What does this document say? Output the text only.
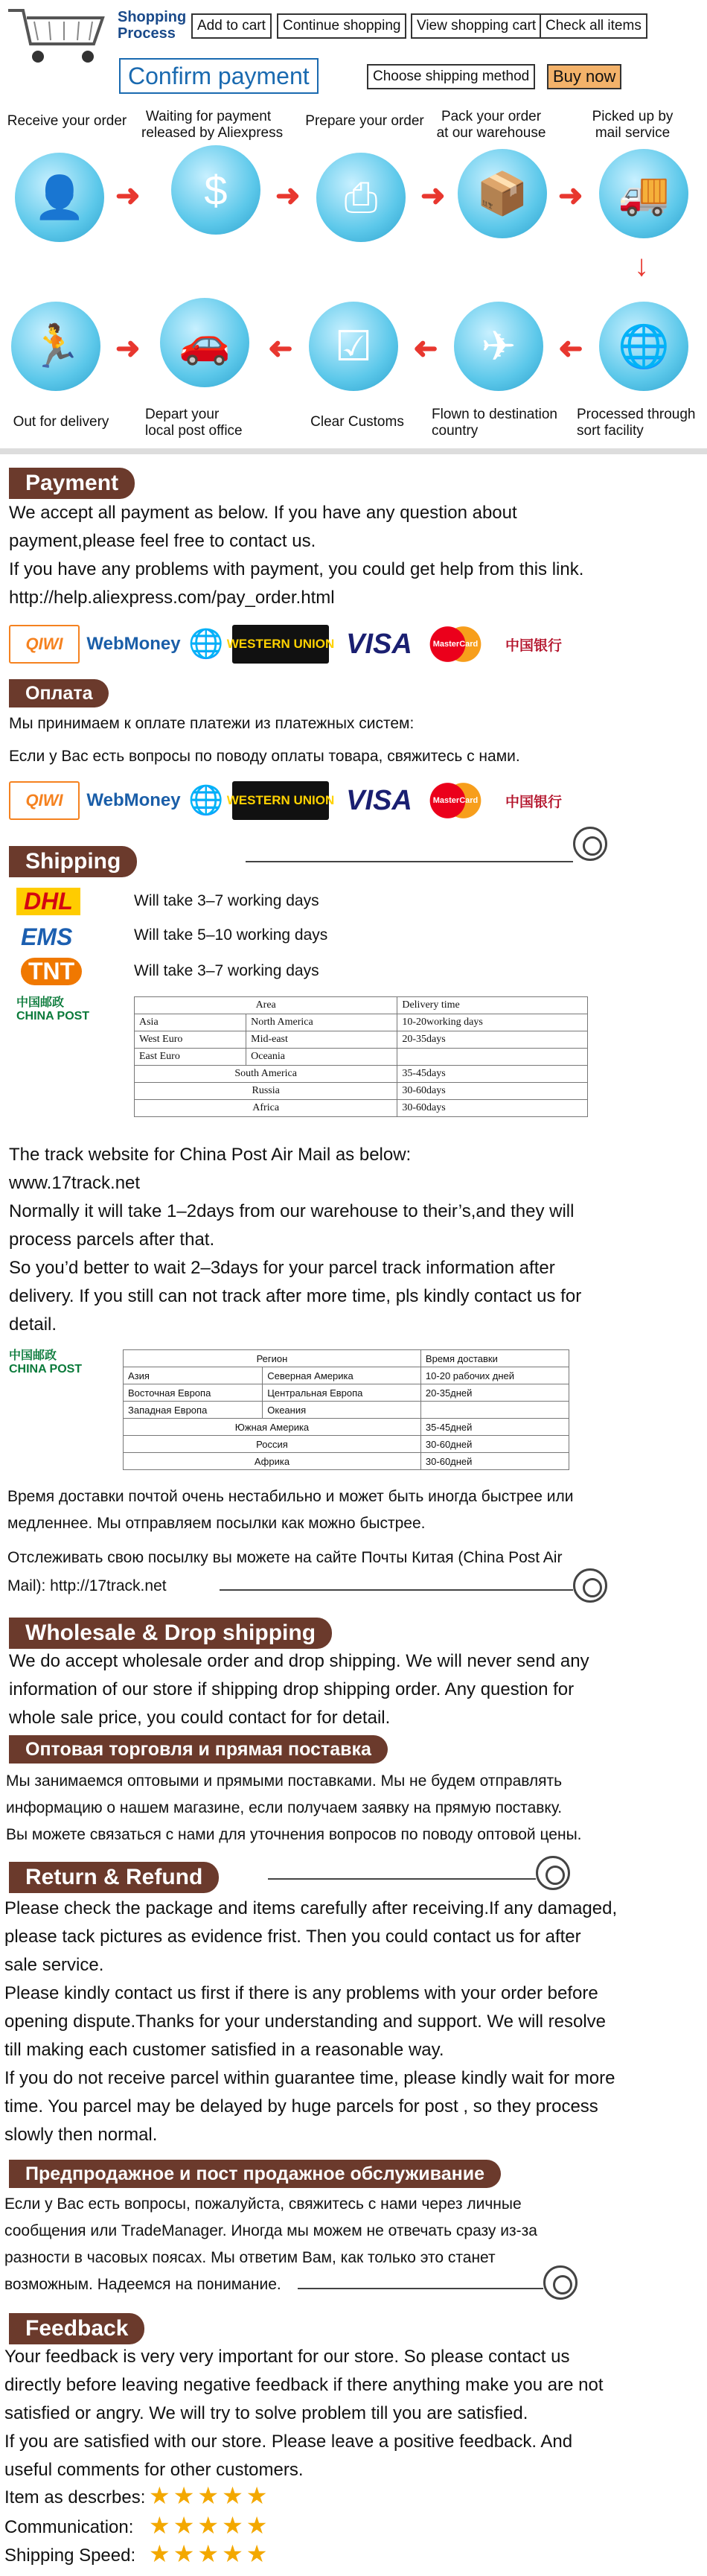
Shopping
Process	Add to cart	Continue shopping	View shopping cart Check all items
Confirm payment	Choose shipping method	Buy now
Receive your order	Waiting for payment
released by Aliexpress
Prepare your order	Pack your order
at our warehouse
Picked up by
mail service
👤	➜	$	➜	⎙	➜ 📦	➜ 🚚
↓
🏃	➜ 🚗	➜	☑	➜	✈	➜ 🌐
Out for delivery	Depart your
local post office
Clear Customs	Flown to destination
country
Processed through
sort facility
Payment
We accept all payment as below. If you have any question about
payment,please feel free to contact us.
If you have any problems with payment, you could get help from this link.
http://help.aliexpress.com/pay_order.html
QIWI	WebMoney 🌐 WESTERN UNION VISA	MasterCard	中国银行
Оплата
Мы принимаем к оплате платежи из платежных систем:
Если у Вас есть вопросы по поводу оплаты товара, свяжитесь с нами.
QIWI	WebMoney 🌐 WESTERN UNION VISA	MasterCard	中国银行
Shipping
DHL	Will take 3–7 working days
EMS	Will take 5–10 working days
TNT	Will take 3–7 working days
中国邮政
CHINA POST
Area		Delivery time
Asia	North America	10-20working days
West Euro	Mid-east	20-35days
East Euro	Oceania	
South America		35-45days
Russia		30-60days
Africa		30-60days
The track website for China Post Air Mail as below:
www.17track.net
Normally it will take 1–2days from our warehouse to their’s,and they will
process parcels after that.
So you’d better to wait 2–3days for your parcel track information after
delivery. If you still can not track after more time, pls kindly contact us for
detail.
中国邮政
CHINA POST
Регион		Время доставки
Азия	Северная Америка	10-20 рабочих дней
Восточная Европа	Центральная Европа	20-35дней
Западная Европа	Океания	
Южная Америка		35-45дней
Россия		30-60дней
Африка		30-60дней
Время доставки почтой очень нестабильно и может быть иногда быстрее или
медленнее. Мы отправляем посылки как можно быстрее.
Отслеживать свою посылку вы можете на сайте Почты Китая (China Post Air
Mail): http://17track.net
Wholesale & Drop shipping
We do accept wholesale order and drop shipping. We will never send any
information of our store if shipping drop shipping order. Any question for
whole sale price, you could contact for for detail.
Оптовая торговля и прямая поставка
Мы занимаемся оптовыми и прямыми поставками. Мы не будем отправлять
информацию о нашем магазине, если получаем заявку на прямую поставку.
Вы можете связаться с нами для уточнения вопросов по поводу оптовой цены.
Return & Refund
Please check the package and items carefully after receiving.If any damaged,
please tack pictures as evidence frist. Then you could contact us for after
sale service.
Please kindly contact us first if there is any problems with your order before
opening dispute.Thanks for your understanding and support. We will resolve
till making each customer satisfied in a reasonable way.
If you do not receive parcel within guarantee time, please kindly wait for more
time. You parcel may be delayed by huge parcels for post , so they process
slowly then normal.
Предпродажное и пост продажное обслуживание
Если у Вас есть вопросы, пожалуйста, свяжитесь с нами через личные
сообщения или TradeManager. Иногда мы можем не отвечать сразу из-за
разности в часовых поясах. Мы ответим Вам, как только это станет
возможным. Надеемся на понимание.
Feedback
Your feedback is very very important for our store. So please contact us
directly before leaving negative feedback if there anything make you are not
satisfied or angry. We will try to solve problem till you are satisfied.
If you are satisfied with our store. Please leave a positive feedback. And
useful comments for other customers.
Item as descrbes: ★★★★★
Communication: ★★★★★
Shipping Speed: ★★★★★
